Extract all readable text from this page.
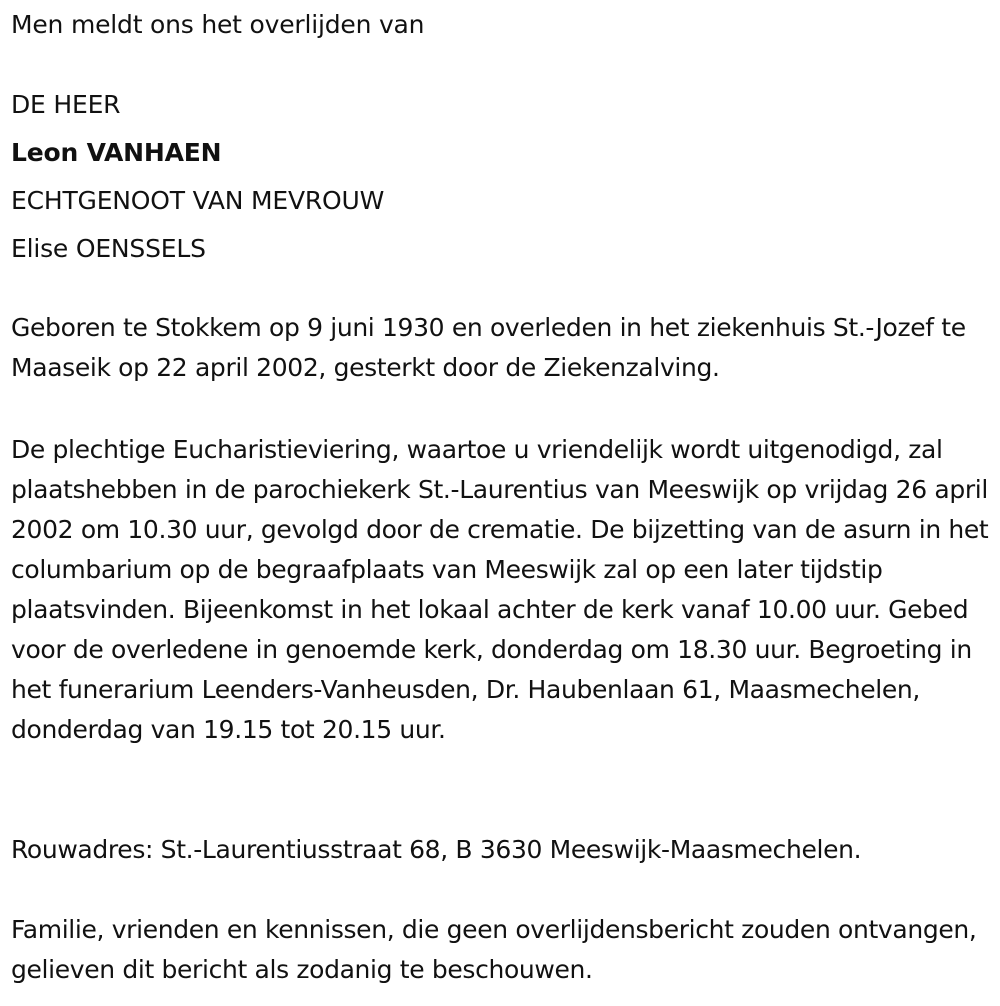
Men meldt ons het overlijden van
DE HEER
Leon VANHAEN
ECHTGENOOT VAN MEVROUW
Elise OENSSELS

Geboren te Stokkem op 9 juni 1930 en overleden in het ziekenhuis St.-Jozef te Maaseik op 22 april 2002, gesterkt door de Ziekenzalving.

De plechtige Eucharistieviering, waartoe u vriendelijk wordt uitgenodigd, zal plaatshebben in de parochiekerk St.-Laurentius van Meeswijk op vrijdag 26 april 2002 om 10.30 uur, gevolgd door de crematie. De bijzetting van de asurn in het columbarium op de begraafplaats van Meeswijk zal op een later tijdstip plaatsvinden. Bijeenkomst in het lokaal achter de kerk vanaf 10.00 uur. Gebed voor de overledene in genoemde kerk, donderdag om 18.30 uur. Begroeting in het funerarium Leenders-Vanheusden, Dr. Haubenlaan 61, Maasmechelen, donderdag van 19.15 tot 20.15 uur.

Rouwadres: St.-Laurentiusstraat 68, B 3630 Meeswijk-Maasmechelen.

Familie, vrienden en kennissen, die geen overlijdensbericht zouden ontvangen, gelieven dit bericht als zodanig te beschouwen.
